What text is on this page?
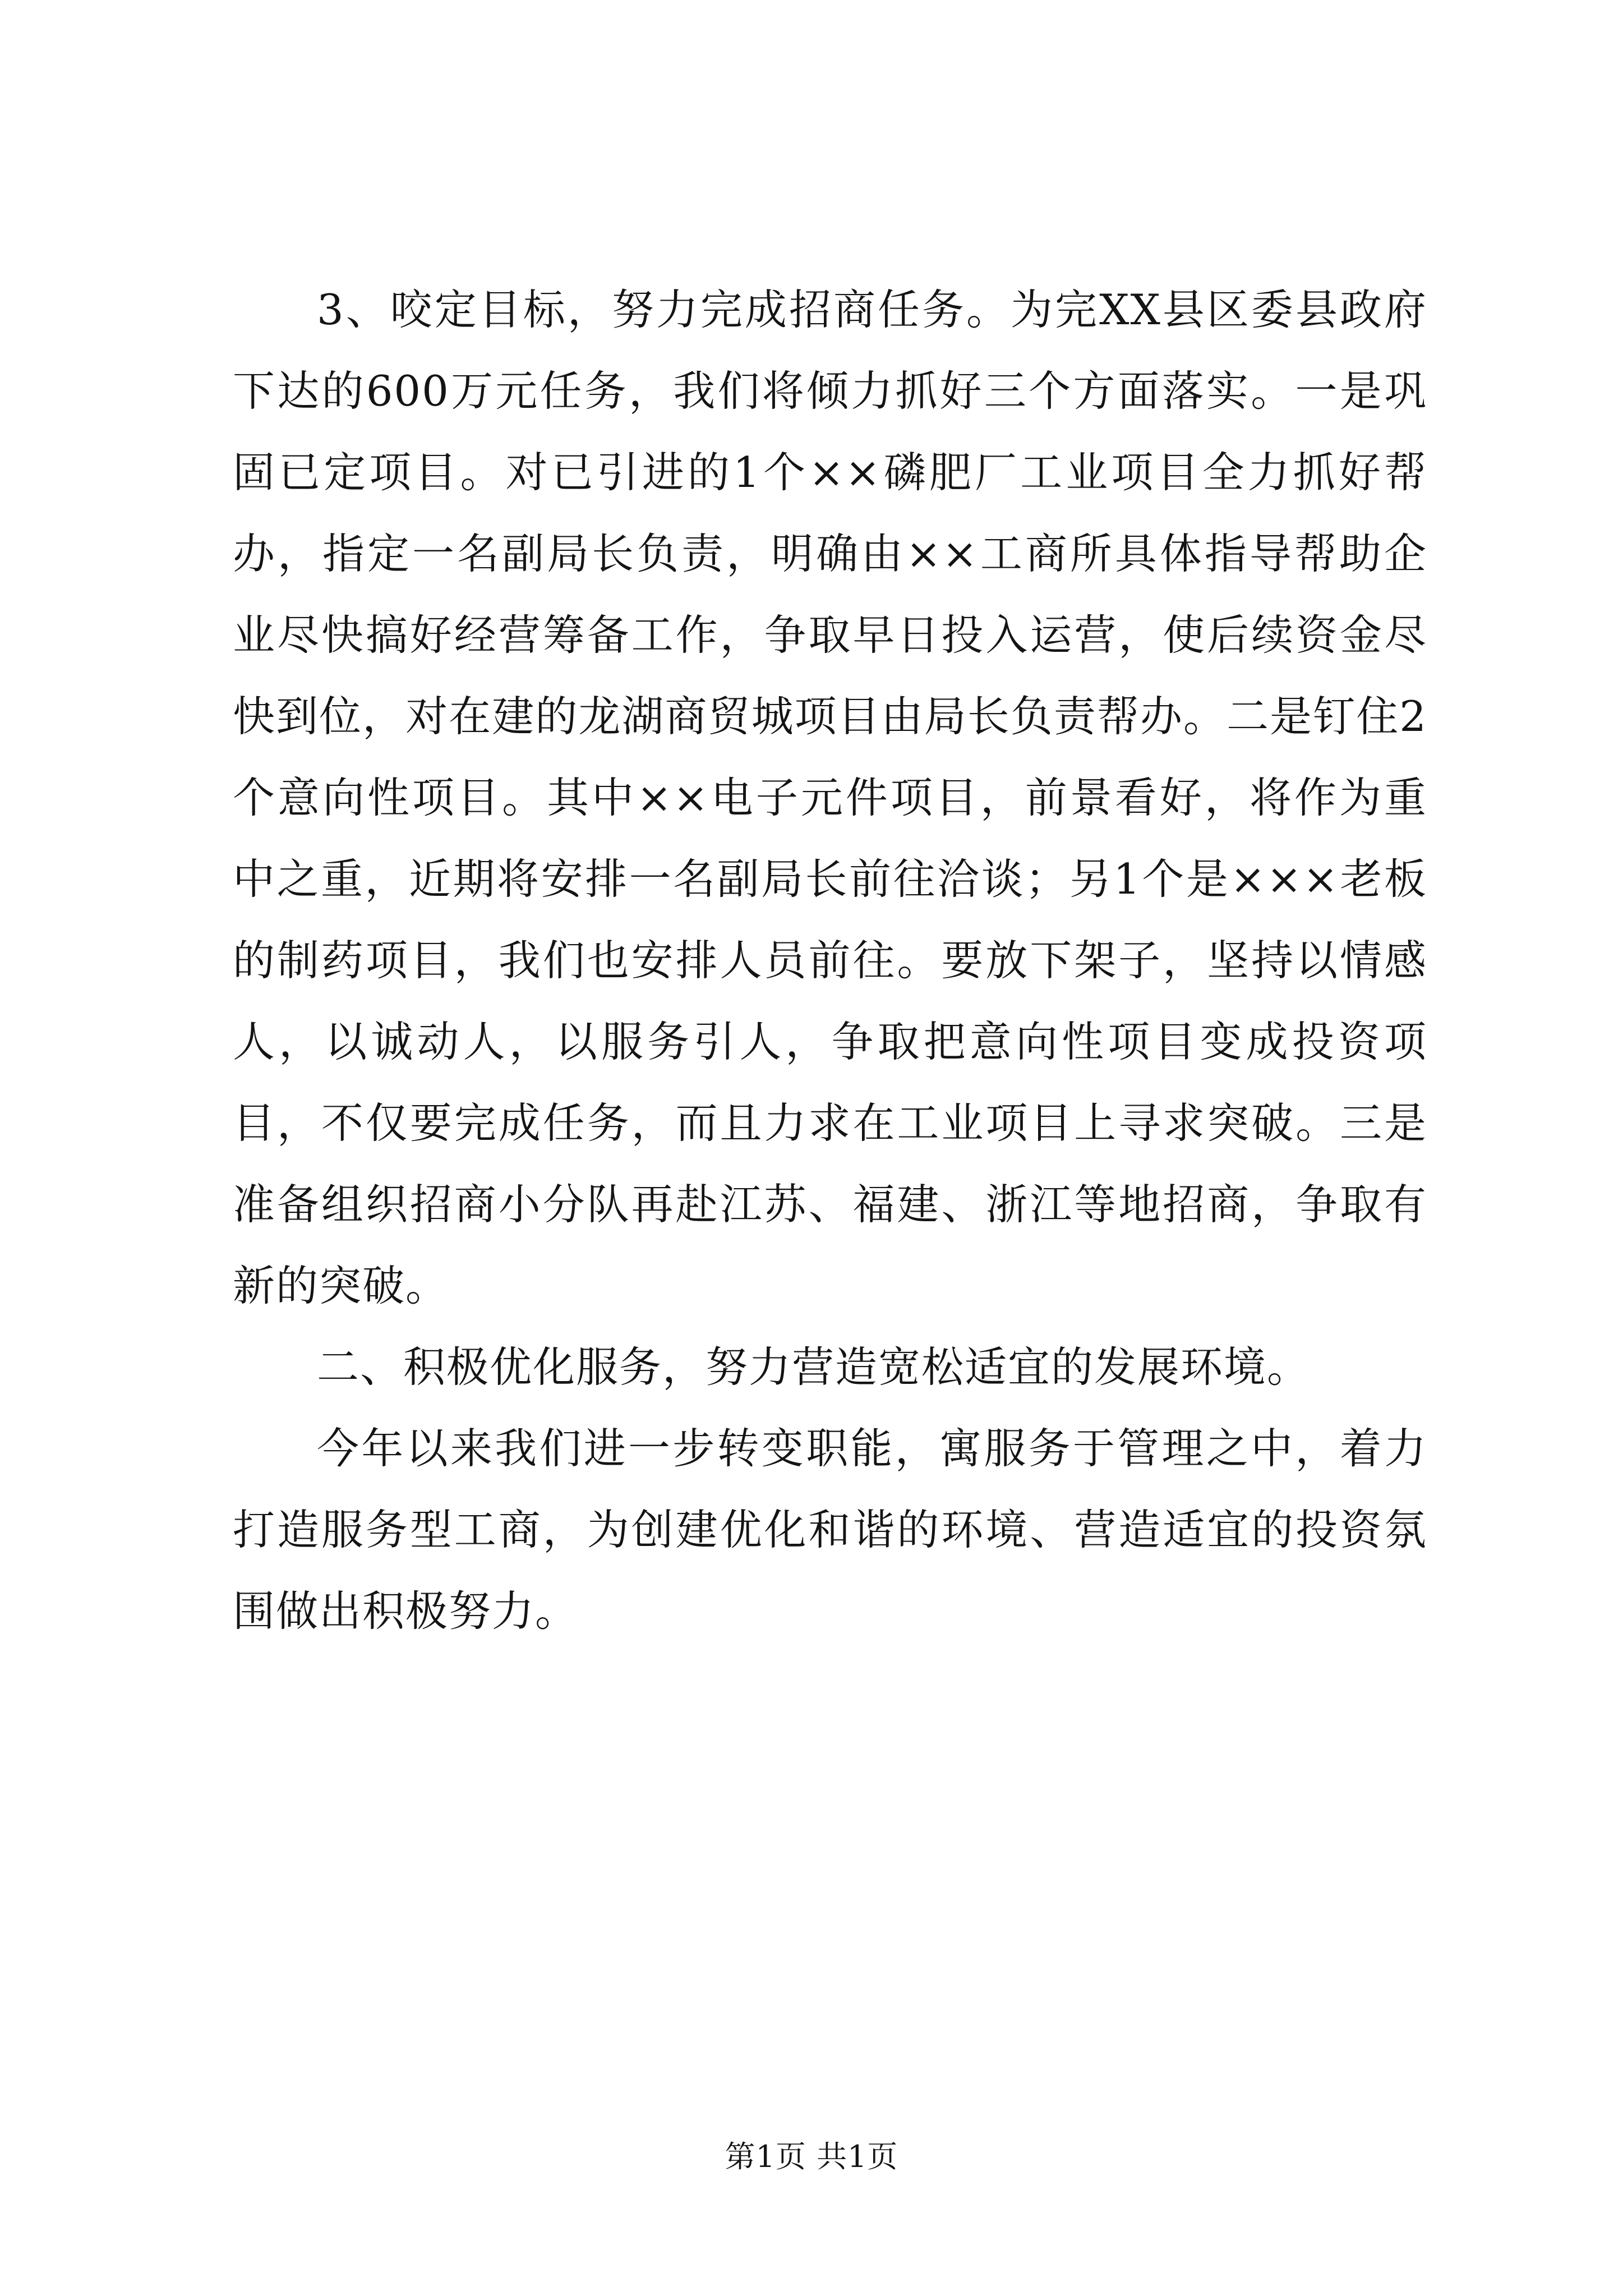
3、咬定目标，努力完成招商任务。为完XX县区委县政府下达的600万元任务，我们将倾力抓好三个方面落实。一是巩固已定项目。对已引进的1个××磷肥厂工业项目全力抓好帮办，指定一名副局长负责，明确由××工商所具体指导帮助企业尽快搞好经营筹备工作，争取早日投入运营，使后续资金尽快到位，对在建的龙湖商贸城项目由局长负责帮办。二是钉住2个意向性项目。其中××电子元件项目，前景看好，将作为重中之重，近期将安排一名副局长前往洽谈；另1个是×××老板的制药项目，我们也安排人员前往。要放下架子，坚持以情感人，以诚动人，以服务引人，争取把意向性项目变成投资项目，不仅要完成任务，而且力求在工业项目上寻求突破。三是准备组织招商小分队再赴江苏、福建、浙江等地招商，争取有新的突破。

二、积极优化服务，努力营造宽松适宜的发展环境。

今年以来我们进一步转变职能，寓服务于管理之中，着力打造服务型工商，为创建优化和谐的环境、营造适宜的投资氛围做出积极努力。

第1页 共1页
